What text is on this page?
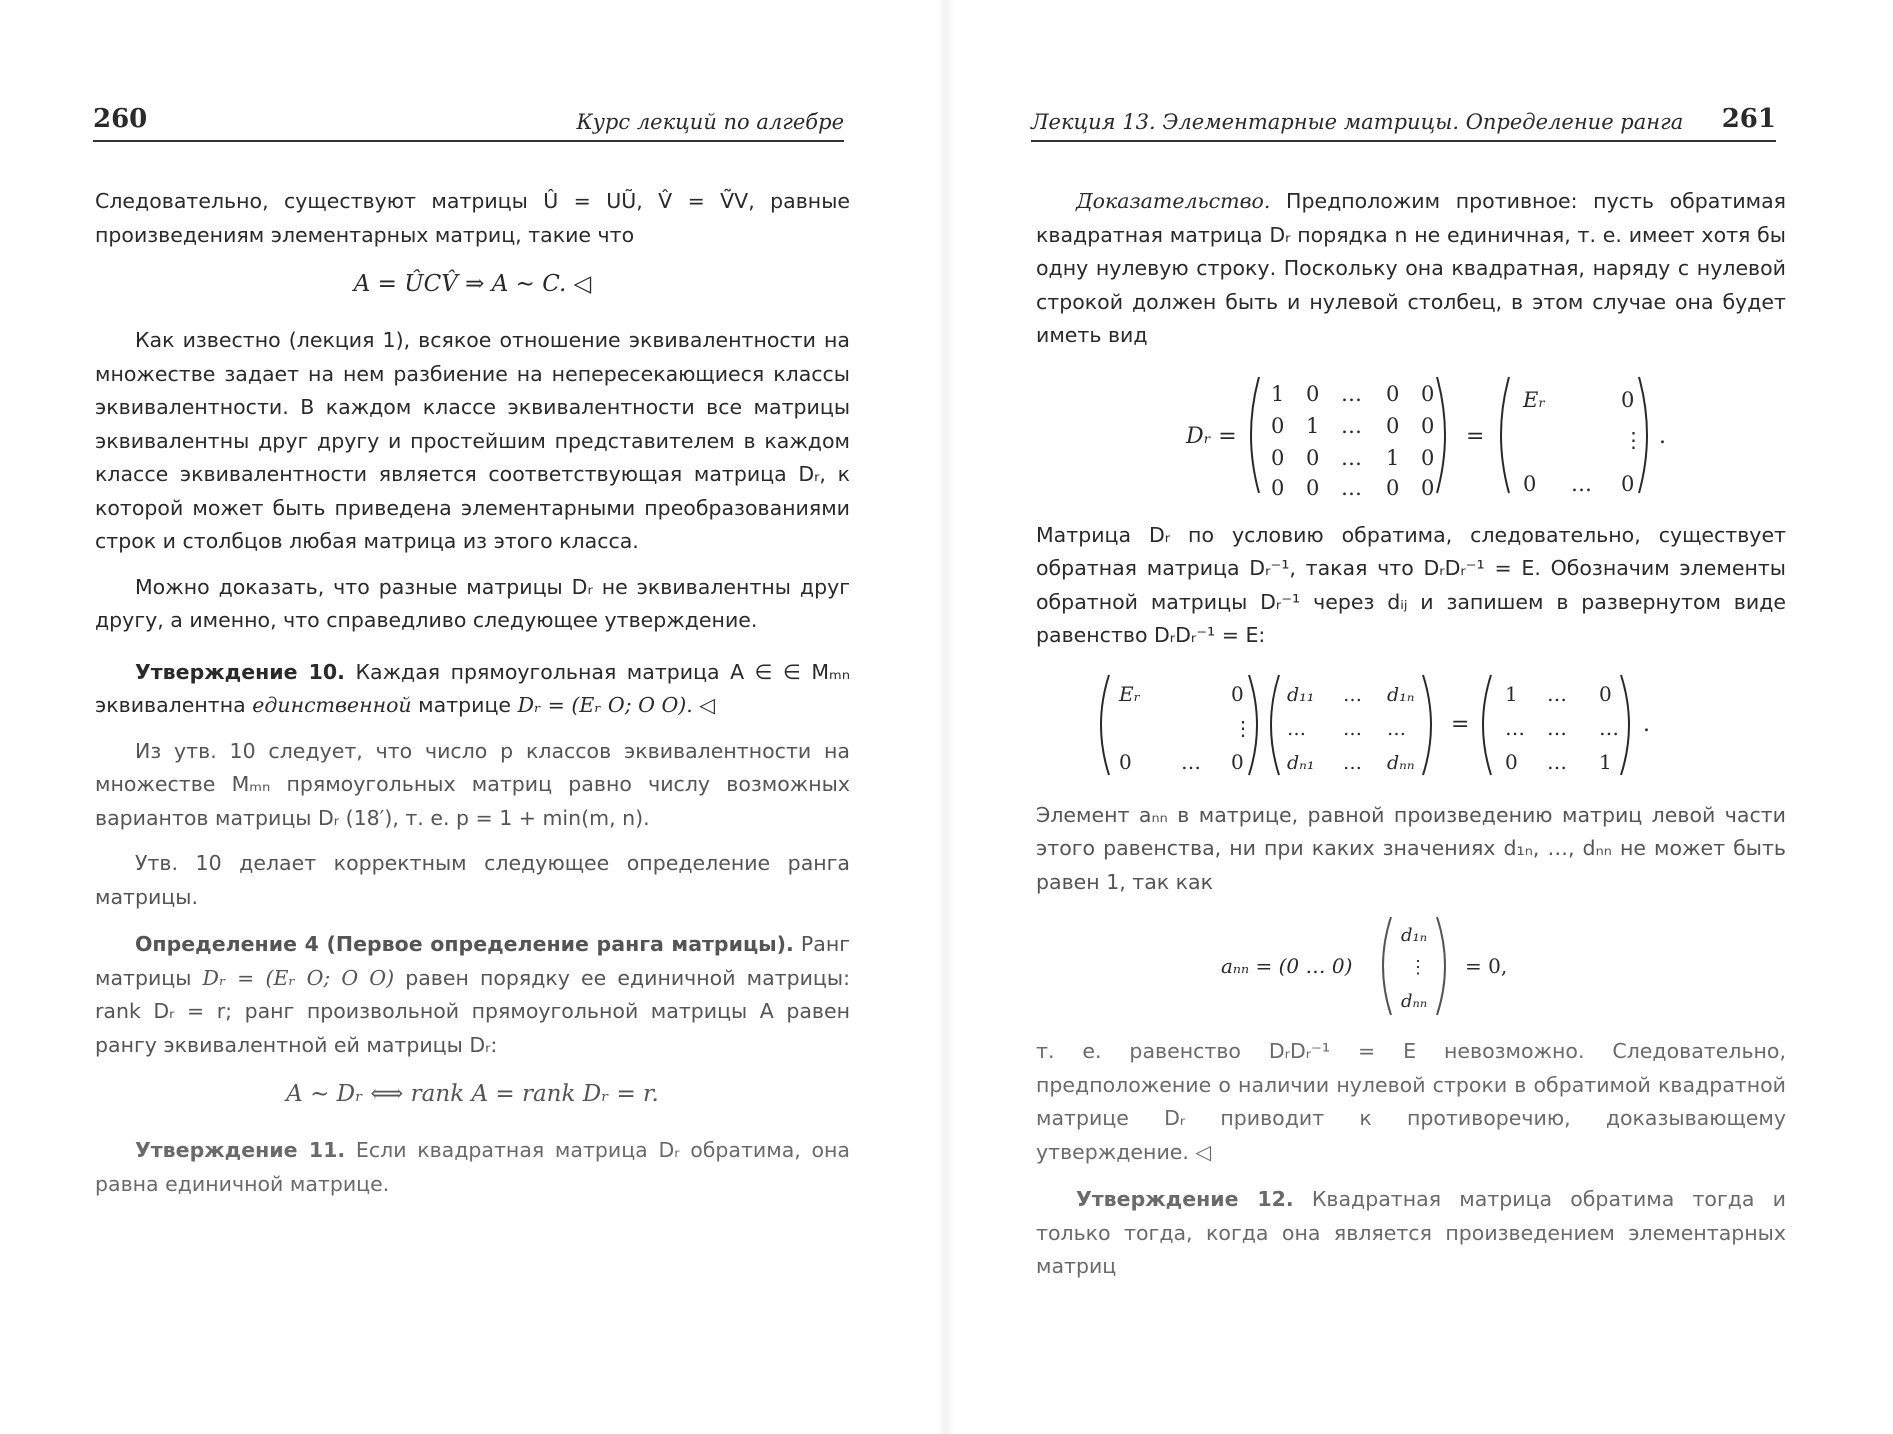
260	Курс лекций по алгебре

Следовательно, существуют матрицы Û = UŨ, V̂ = ṼV, равные произведениям элементарных матриц, такие что

A = ÛCV̂ ⇒ A ∼ C. ◁

Как известно (лекция 1), всякое отношение эквивалентности на множестве задает на нем разбиение на непересекающиеся классы эквивалентности. В каждом классе эквивалентности все матрицы эквивалентны друг другу и простейшим представителем в каждом классе эквивалентности является соответствующая матрица Dᵣ, к которой может быть приведена элементарными преобразованиями строк и столбцов любая матрица из этого класса.

Можно доказать, что разные матрицы Dᵣ не эквивалентны друг другу, а именно, что справедливо следующее утверждение.

Утверждение 10. Каждая прямоугольная матрица A ∈ ∈ Mₘₙ эквивалентна единственной матрице Dᵣ = (Eᵣ O; O O). ◁

Из утв. 10 следует, что число p классов эквивалентности на множестве Mₘₙ прямоугольных матриц равно числу возможных вариантов матрицы Dᵣ (18′), т. е. p = 1 + min(m, n).

Утв. 10 делает корректным следующее определение ранга матрицы.

Определение 4 (Первое определение ранга матрицы). Ранг матрицы Dᵣ = (Eᵣ O; O O) равен порядку ее единичной матрицы: rank Dᵣ = r; ранг произвольной прямоугольной матрицы A равен рангу эквивалентной ей матрицы Dᵣ:

A ∼ Dᵣ ⟺ rank A = rank Dᵣ = r.

Утверждение 11. Если квадратная матрица Dᵣ обратима, она равна единичной матрице.

Лекция 13. Элементарные матрицы. Определение ранга 261

Доказательство. Предположим противное: пусть обратимая квадратная матрица Dᵣ порядка n не единичная, т. е. имеет хотя бы одну нулевую строку. Поскольку она квадратная, наряду с нулевой строкой должен быть и нулевой столбец, в этом случае она будет иметь вид

Dᵣ =
1 0 … 0 0
0 1 … 0 0
0 0 … 1 0
0 0 … 0 0
=
Eᵣ	0
⋮
0 … 0
.

Матрица Dᵣ по условию обратима, следовательно, существует обратная матрица Dᵣ⁻¹, такая что DᵣDᵣ⁻¹ = E. Обозначим элементы обратной матрицы Dᵣ⁻¹ через dᵢⱼ и запишем в развернутом виде равенство DᵣDᵣ⁻¹ = E:

Eᵣ	0
⋮
0 … 0
d₁₁ … d₁ₙ
… … …
dₙ₁ … dₙₙ
=
1 … 0
… … …
0 … 1
.

Элемент aₙₙ в матрице, равной произведению матриц левой части этого равенства, ни при каких значениях d₁ₙ, …, dₙₙ не может быть равен 1, так как

aₙₙ = (0 … 0)
d₁ₙ
⋮
dₙₙ
= 0,

т. е. равенство DᵣDᵣ⁻¹ = E невозможно. Следовательно, предположение о наличии нулевой строки в обратимой квадратной матрице Dᵣ приводит к противоречию, доказывающему утверждение. ◁

Утверждение 12. Квадратная матрица обратима тогда и только тогда, когда она является произведением элементарных матриц
